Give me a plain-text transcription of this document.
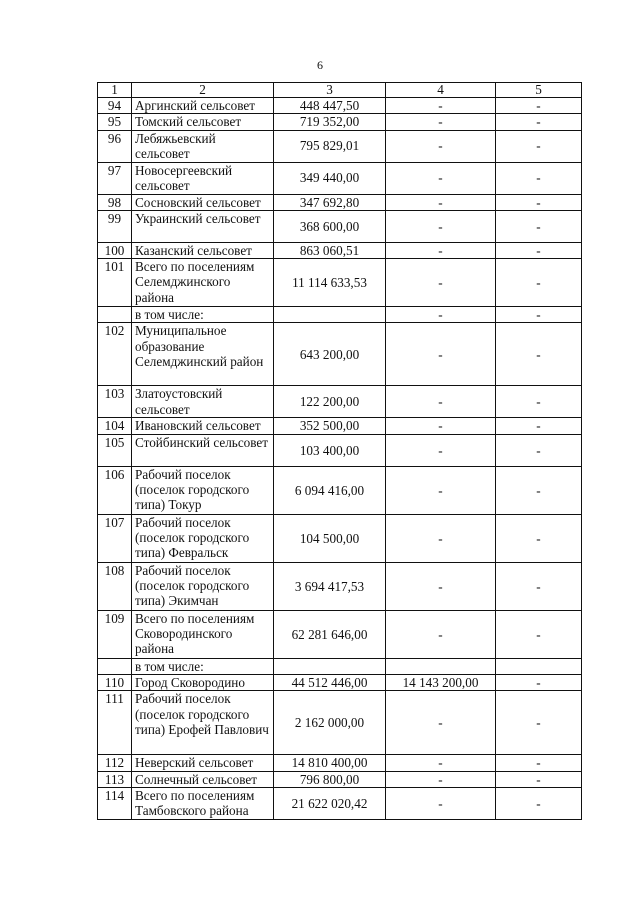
6
1	2	3	4	5
94	Аргинский сельсовет	448 447,50	-	-
95	Томский сельсовет	719 352,00	-	-
96	Лебяжьевский сельсовет	795 829,01	-	-
97	Новосергеевский сельсовет	349 440,00	-	-
98	Сосновский сельсовет	347 692,80	-	-
99	Украинский сельсовет	368 600,00	-	-
100	Казанский сельсовет	863 060,51	-	-
101	Всего по поселениям Селемджинского района	11 114 633,53	-	-
	в том числе:		-	-
102	Муниципальное образование Селемджинский район	643 200,00	-	-
103	Златоустовский сельсовет	122 200,00	-	-
104	Ивановский сельсовет	352 500,00	-	-
105	Стойбинский сельсовет	103 400,00	-	-
106	Рабочий поселок (поселок городского типа) Токур	6 094 416,00	-	-
107	Рабочий поселок (поселок городского типа) Февральск	104 500,00	-	-
108	Рабочий поселок (поселок городского типа) Экимчан	3 694 417,53	-	-
109	Всего по поселениям Сковородинского района	62 281 646,00	-	-
	в том числе:			
110	Город Сковородино	44 512 446,00	14 143 200,00	-
111	Рабочий поселок (поселок городского типа) Ерофей Павлович	2 162 000,00	-	-
112	Неверский сельсовет	14 810 400,00	-	-
113	Солнечный сельсовет	796 800,00	-	-
114	Всего по поселениям Тамбовского района	21 622 020,42	-	-
